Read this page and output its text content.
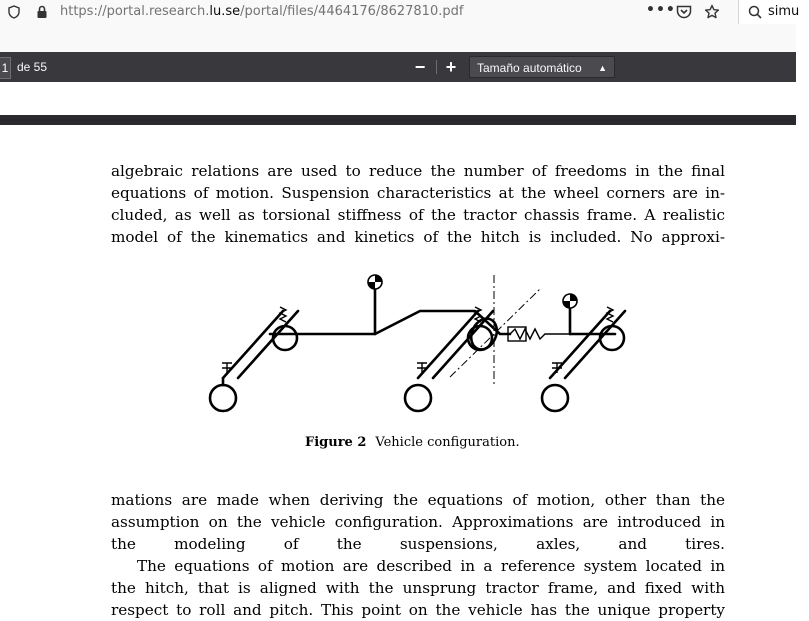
https://portal.research.lu.se/portal/files/4464176/8627810.pdf	•••	simu
1 de 55	−	+	Tamaño automático ▲

algebraic relations are used to reduce the number of freedoms in the final
equations of motion. Suspension characteristics at the wheel corners are in-
cluded, as well as torsional stiffness of the tractor chassis frame. A realistic
model of the kinematics and kinetics of the hitch is included. No approxi-
Figure 2 Vehicle configuration.
mations are made when deriving the equations of motion, other than the
assumption on the vehicle configuration. Approximations are introduced in
the modeling of the suspensions, axles, and tires.
The equations of motion are described in a reference system located in
the hitch, that is aligned with the unsprung tractor frame, and fixed with
respect to roll and pitch. This point on the vehicle has the unique property
